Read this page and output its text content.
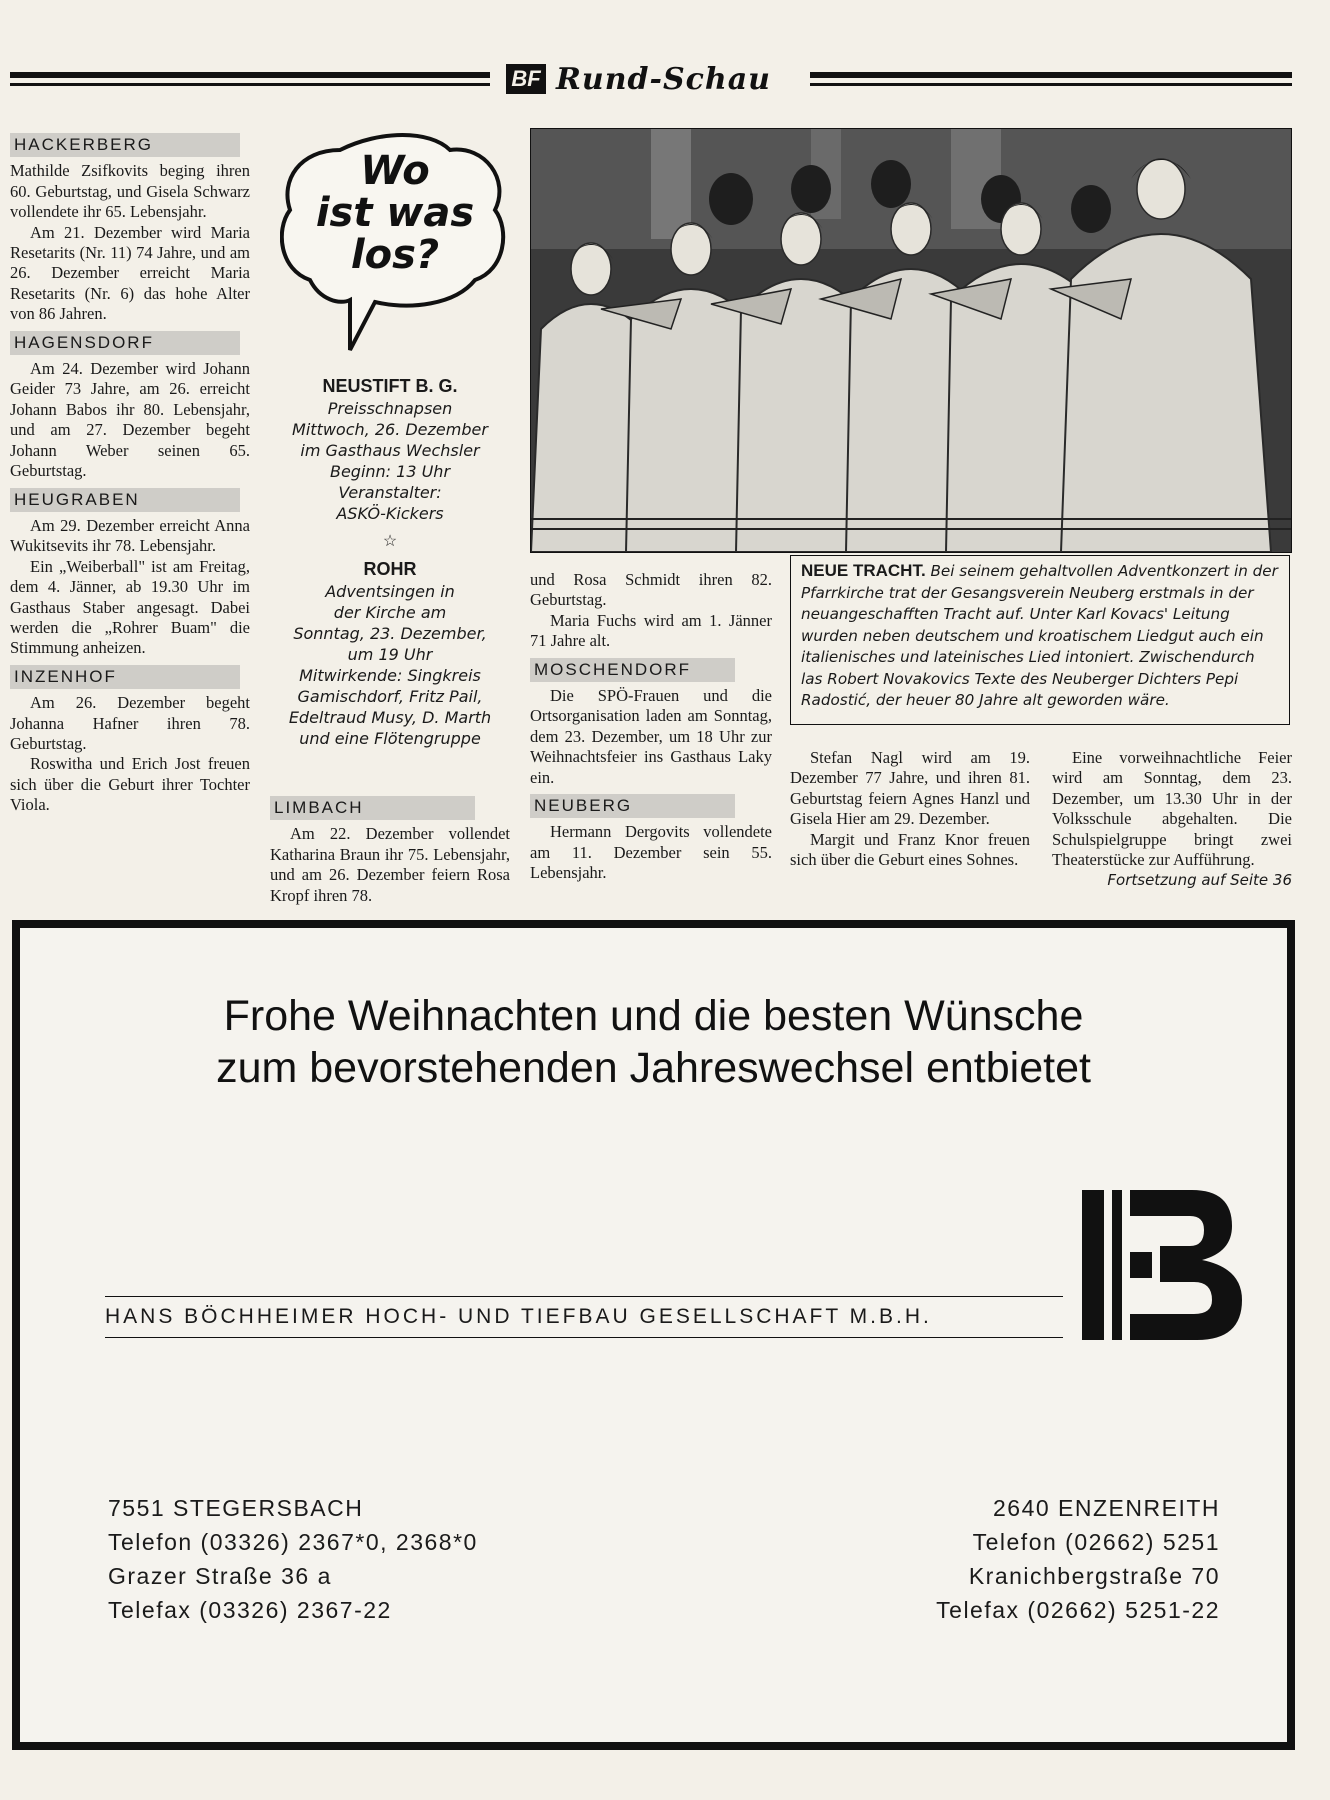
BF Rund-Schau
HACKERBERG

Mathilde Zsifkovits beging ihren 60. Geburtstag, und Gisela Schwarz vollendete ihr 65. Lebensjahr.

Am 21. Dezember wird Maria Resetarits (Nr. 11) 74 Jahre, und am 26. Dezember erreicht Maria Resetarits (Nr. 6) das hohe Alter von 86 Jahren.

HAGENSDORF

Am 24. Dezember wird Johann Geider 73 Jahre, am 26. erreicht Johann Babos ihr 80. Lebensjahr, und am 27. Dezember begeht Johann Weber seinen 65. Geburtstag.

HEUGRABEN

Am 29. Dezember erreicht Anna Wukitsevits ihr 78. Lebensjahr.

Ein „Weiberball" ist am Freitag, dem 4. Jänner, ab 19.30 Uhr im Gasthaus Staber angesagt. Dabei werden die „Rohrer Buam" die Stimmung anheizen.

INZENHOF

Am 26. Dezember begeht Johanna Hafner ihren 78. Geburtstag.

Roswitha und Erich Jost freuen sich über die Geburt ihrer Tochter Viola.

Wo
ist was
los?
NEUSTIFT B. G.
Preisschnapsen
Mittwoch, 26. Dezember
im Gasthaus Wechsler
Beginn: 13 Uhr
Veranstalter:
ASKÖ-Kickers
☆
ROHR
Adventsingen in
der Kirche am
Sonntag, 23. Dezember,
um 19 Uhr
Mitwirkende: Singkreis
Gamischdorf, Fritz Pail,
Edeltraud Musy, D. Marth
und eine Flötengruppe
LIMBACH

Am 22. Dezember vollendet Katharina Braun ihr 75. Lebensjahr, und am 26. Dezember feiern Rosa Kropf ihren 78.

und Rosa Schmidt ihren 82. Geburtstag.

Maria Fuchs wird am 1. Jänner 71 Jahre alt.

MOSCHENDORF

Die SPÖ-Frauen und die Ortsorganisation laden am Sonntag, dem 23. Dezember, um 18 Uhr zur Weihnachtsfeier ins Gasthaus Laky ein.

NEUBERG

Hermann Dergovits vollendete am 11. Dezember sein 55. Lebensjahr.

NEUE TRACHT. Bei seinem gehaltvollen Adventkonzert in der Pfarrkirche trat der Gesangsverein Neuberg erstmals in der neuangeschafften Tracht auf. Unter Karl Kovacs' Leitung wurden neben deutschem und kroatischem Liedgut auch ein italienisches und lateinisches Lied intoniert. Zwischendurch las Robert Novakovics Texte des Neuberger Dichters Pepi Radostić, der heuer 80 Jahre alt geworden wäre.

Stefan Nagl wird am 19. Dezember 77 Jahre, und ihren 81. Geburtstag feiern Agnes Hanzl und Gisela Hier am 29. Dezember.

Margit und Franz Knor freuen sich über die Geburt eines Sohnes.

Eine vorweihnachtliche Feier wird am Sonntag, dem 23. Dezember, um 13.30 Uhr in der Volksschule abgehalten. Die Schulspielgruppe bringt zwei Theaterstücke zur Aufführung.

Fortsetzung auf Seite 36
Frohe Weihnachten und die besten Wünsche
zum bevorstehenden Jahreswechsel entbietet
HANS BÖCHHEIMER HOCH- UND TIEFBAU GESELLSCHAFT M.B.H.
7551 STEGERSBACH
Telefon (03326) 2367*0, 2368*0
Grazer Straße 36 a
Telefax (03326) 2367-22
2640 ENZENREITH
Telefon (02662) 5251
Kranichbergstraße 70
Telefax (02662) 5251-22
